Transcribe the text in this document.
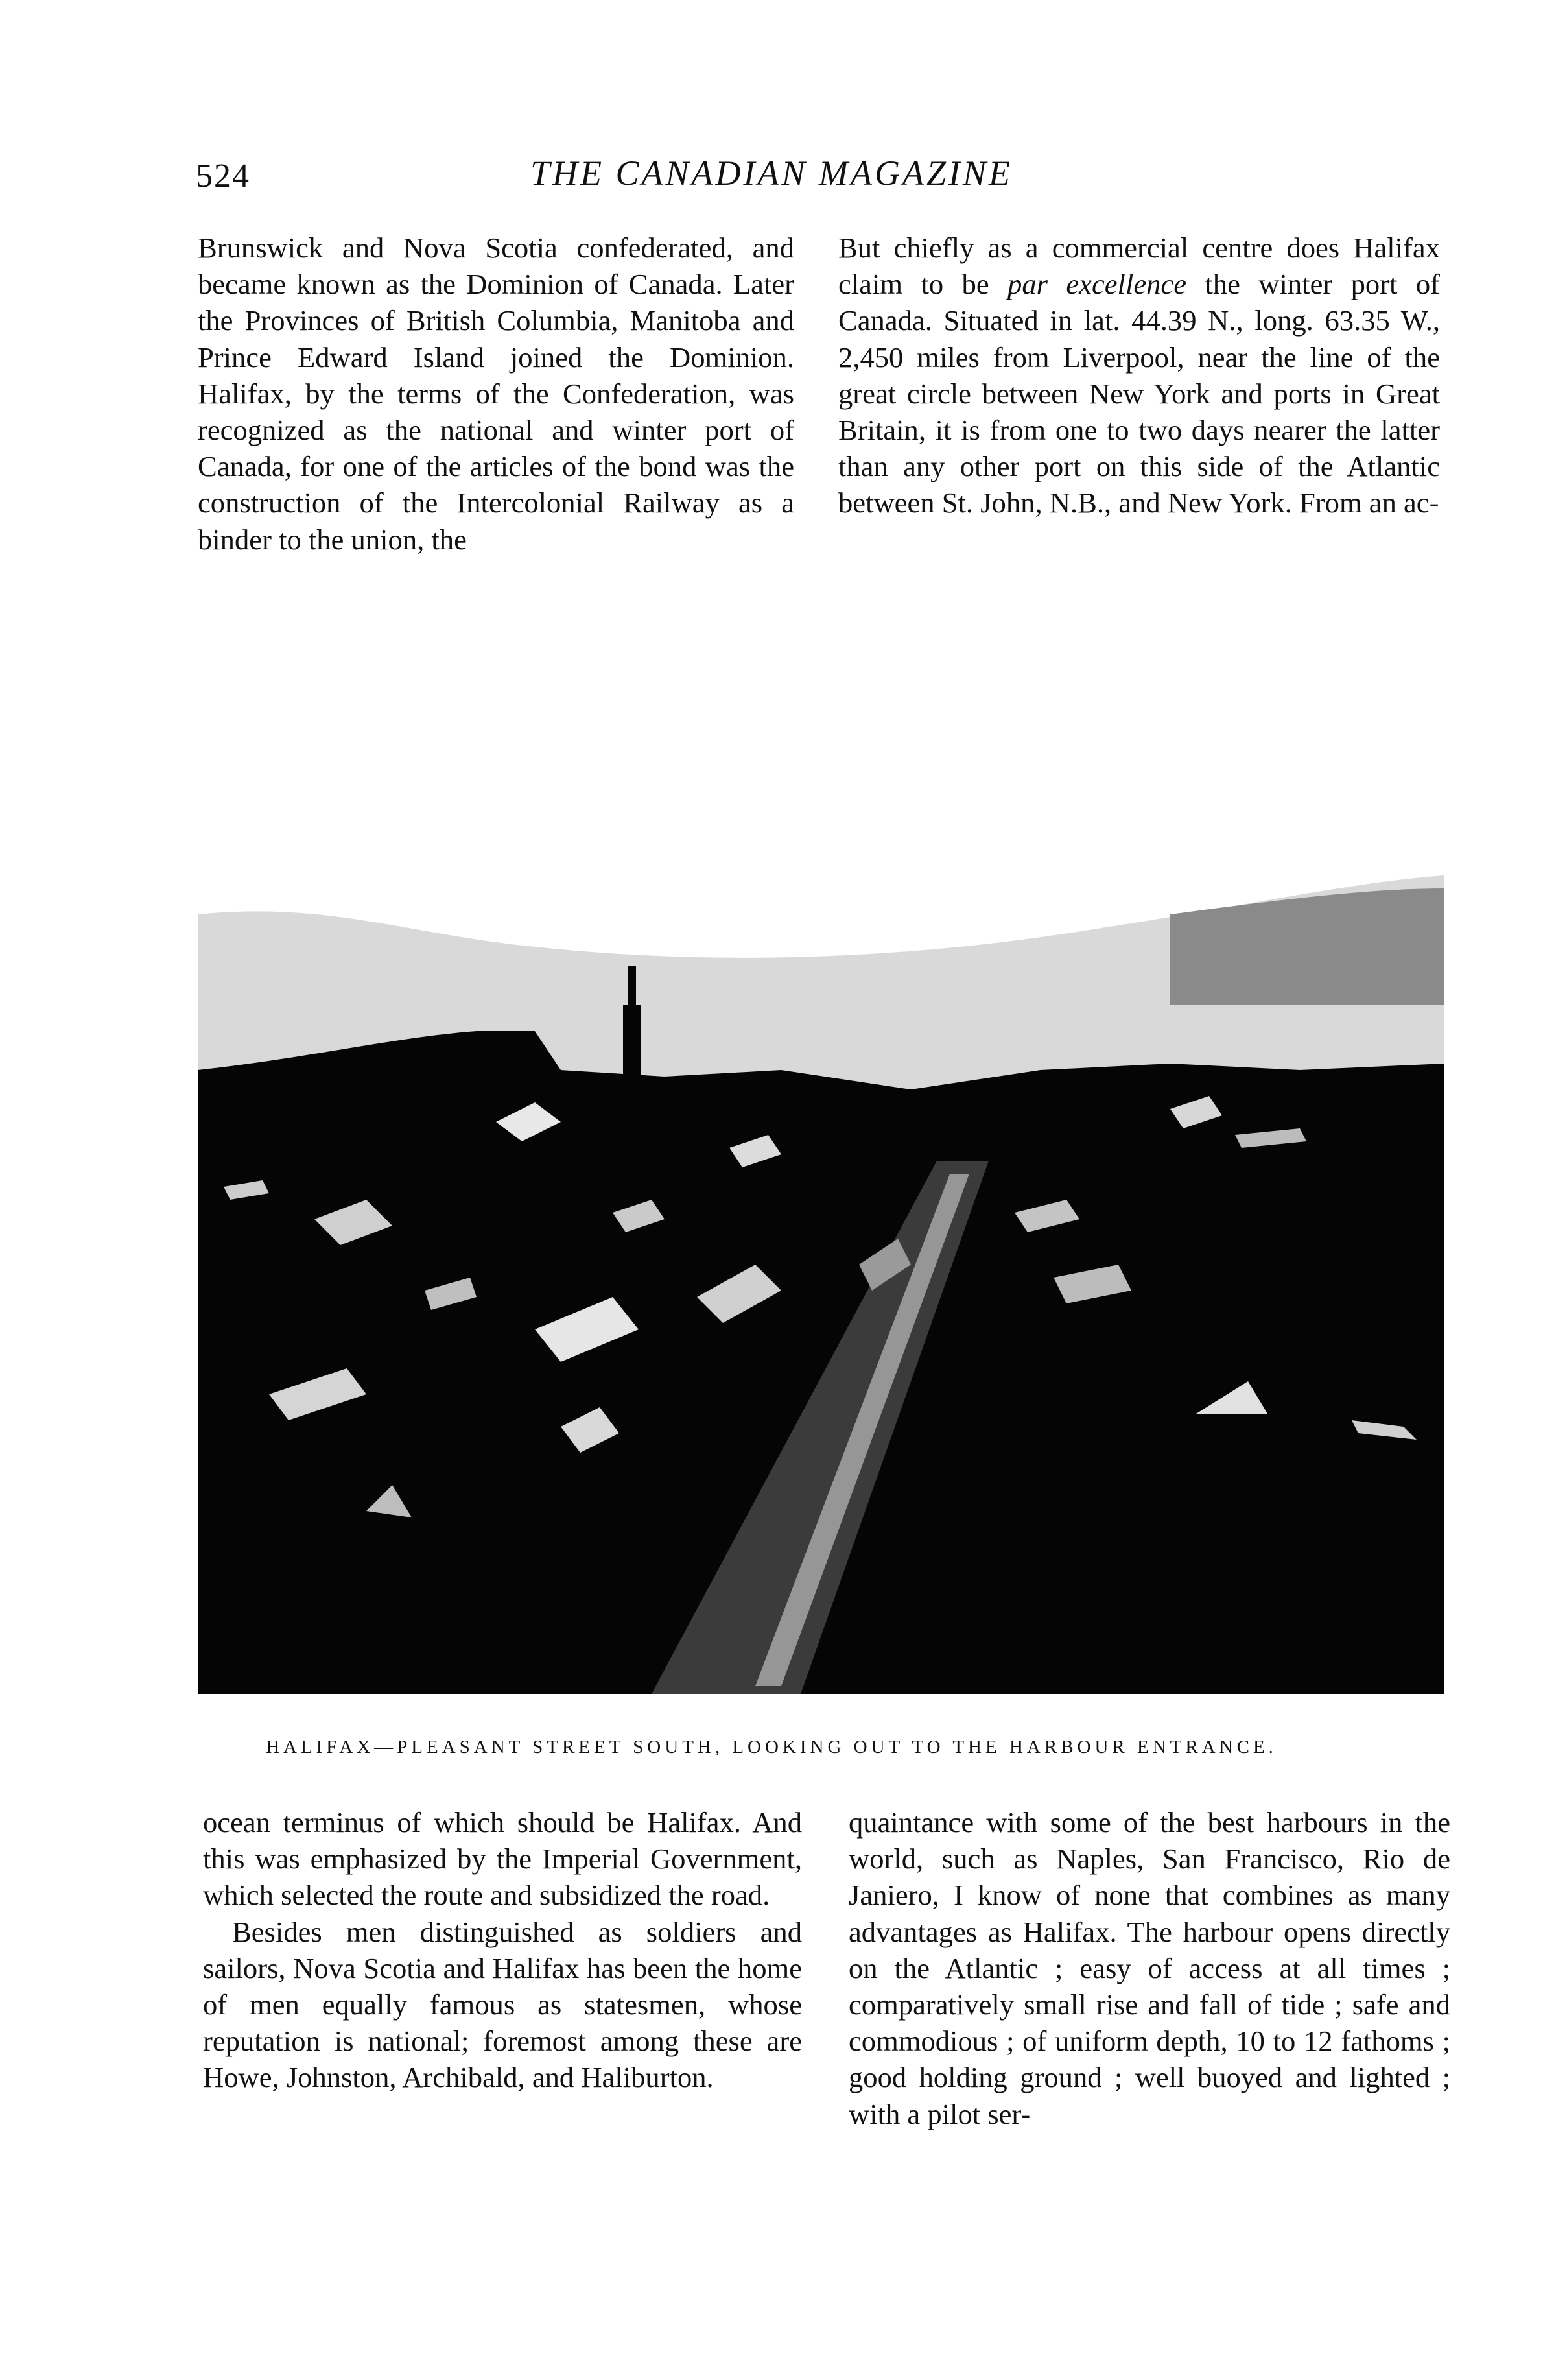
524	THE CANADIAN MAGAZINE

Brunswick and Nova Scotia confederated, and became known as the Dominion of Canada. Later the Provinces of British Columbia, Manitoba and Prince Edward Island joined the Dominion. Halifax, by the terms of the Confederation, was recognized as the national and winter port of Canada, for one of the articles of the bond was the construction of the Intercolonial Railway as a binder to the union, the

But chiefly as a commercial centre does Halifax claim to be par excellence the winter port of Canada. Situated in lat. 44.39 N., long. 63.35 W., 2,450 miles from Liverpool, near the line of the great circle between New York and ports in Great Britain, it is from one to two days nearer the latter than any other port on this side of the Atlantic between St. John, N.B., and New York. From an ac-

HALIFAX—PLEASANT STREET SOUTH, LOOKING OUT TO THE HARBOUR ENTRANCE.

ocean terminus of which should be Halifax. And this was emphasized by the Imperial Government, which selected the route and subsidized the road.

Besides men distinguished as soldiers and sailors, Nova Scotia and Halifax has been the home of men equally famous as statesmen, whose reputation is national; foremost among these are Howe, Johnston, Archibald, and Haliburton.

quaintance with some of the best harbours in the world, such as Naples, San Francisco, Rio de Janiero, I know of none that combines as many advantages as Halifax. The harbour opens directly on the Atlantic ; easy of access at all times ; comparatively small rise and fall of tide ; safe and commodious ; of uniform depth, 10 to 12 fathoms ; good holding ground ; well buoyed and lighted ; with a pilot ser-
